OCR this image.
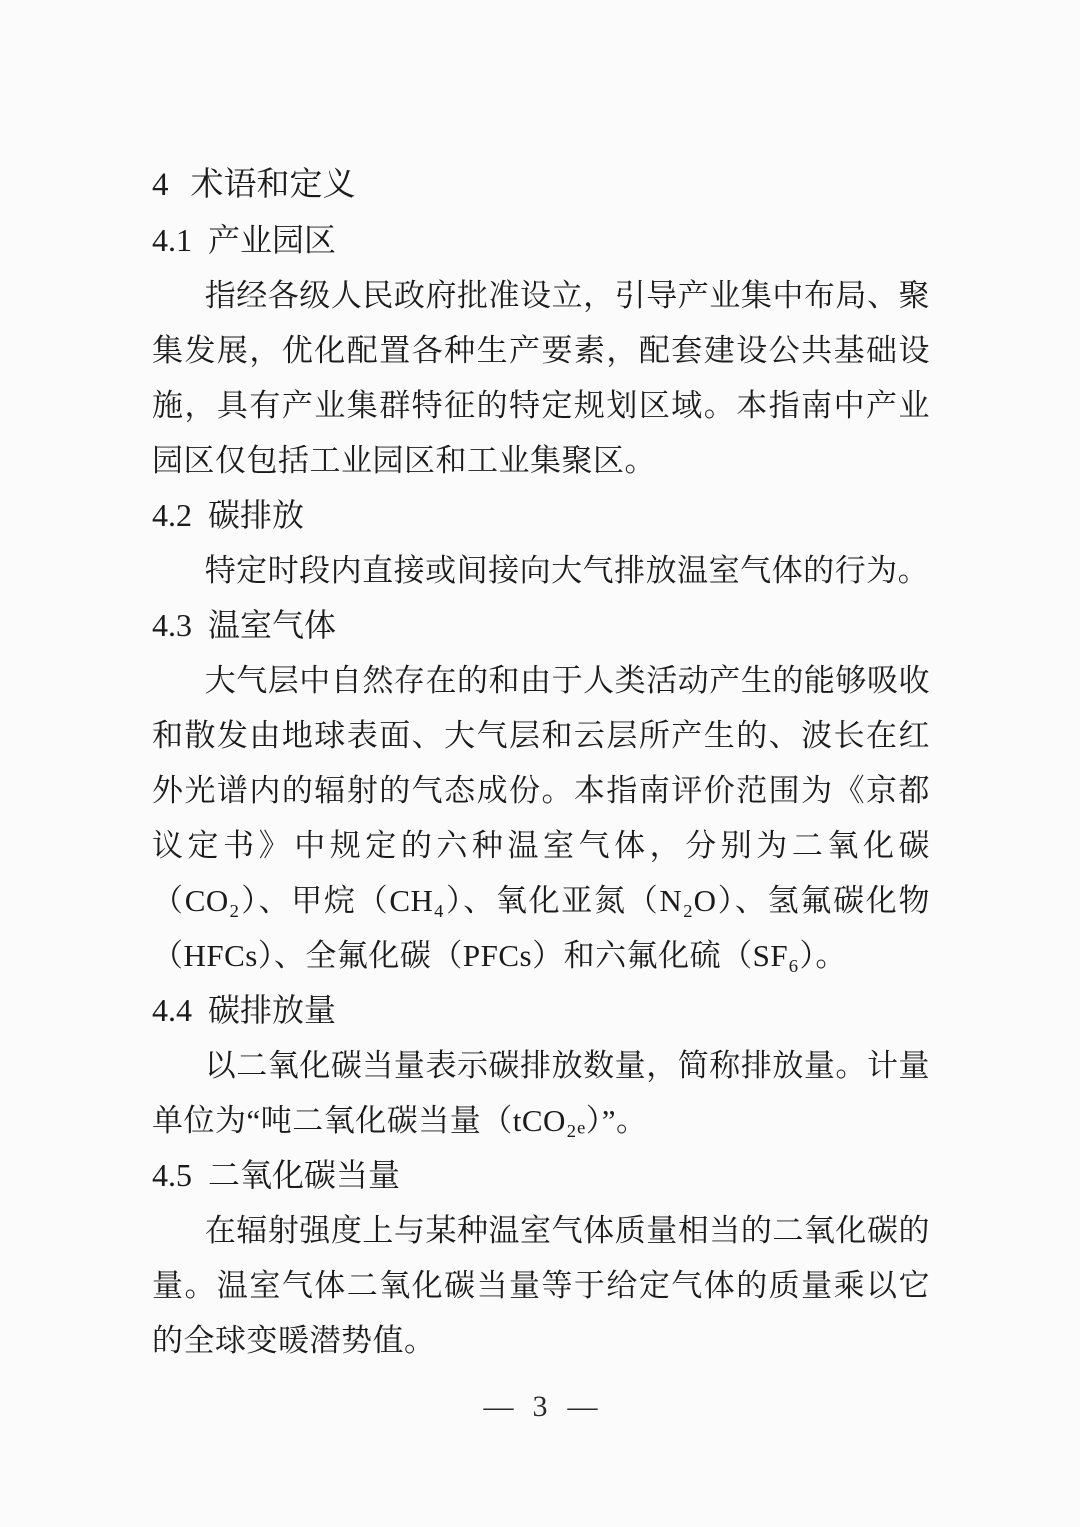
4 术语和定义
4.1 产业园区

指经各级人民政府批准设立，引导产业集中布局、聚集发展，优化配置各种生产要素，配套建设公共基础设施，具有产业集群特征的特定规划区域。本指南中产业园区仅包括工业园区和工业集聚区。

4.2 碳排放

特定时段内直接或间接向大气排放温室气体的行为。

4.3 温室气体

大气层中自然存在的和由于人类活动产生的能够吸收和散发由地球表面、大气层和云层所产生的、波长在红外光谱内的辐射的气态成份。本指南评价范围为《京都议定书》中规定的六种温室气体，分别为二氧化碳（CO₂）、甲烷（CH₄）、氧化亚氮（N₂O）、氢氟碳化物（HFCs）、全氟化碳（PFCs）和六氟化硫（SF₆）。

4.4 碳排放量

以二氧化碳当量表示碳排放数量，简称排放量。计量单位为“吨二氧化碳当量（tCO₂ₑ）”。

4.5 二氧化碳当量

在辐射强度上与某种温室气体质量相当的二氧化碳的量。温室气体二氧化碳当量等于给定气体的质量乘以它的全球变暖潜势值。

— 3 —
